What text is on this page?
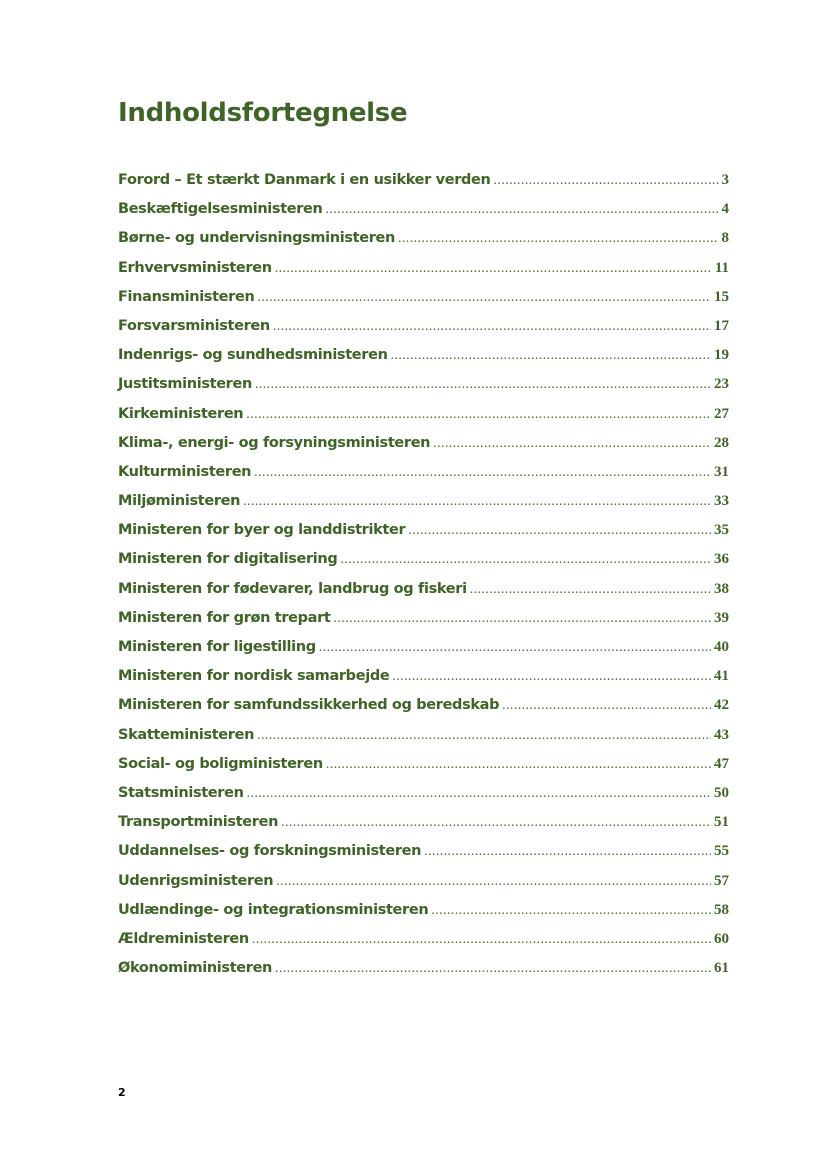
Indholdsfortegnelse
Forord – Et stærkt Danmark i en usikker verden .....	3
Beskæftigelsesministeren .....	4
Børne- og undervisningsministeren .....	8
Erhvervsministeren .....	11
Finansministeren .....	15
Forsvarsministeren .....	17
Indenrigs- og sundhedsministeren .....	19
Justitsministeren .....	23
Kirkeministeren .....	27
Klima-, energi- og forsyningsministeren .....	28
Kulturministeren .....	31
Miljøministeren .....	33
Ministeren for byer og landdistrikter .....	35
Ministeren for digitalisering .....	36
Ministeren for fødevarer, landbrug og fiskeri .....	38
Ministeren for grøn trepart .....	39
Ministeren for ligestilling .....	40
Ministeren for nordisk samarbejde .....	41
Ministeren for samfundssikkerhed og beredskab .....	42
Skatteministeren .....	43
Social- og boligministeren .....	47
Statsministeren .....	50
Transportministeren .....	51
Uddannelses- og forskningsministeren .....	55
Udenrigsministeren .....	57
Udlændinge- og integrationsministeren .....	58
Ældreministeren .....	60
Økonomiministeren .....	61
2
